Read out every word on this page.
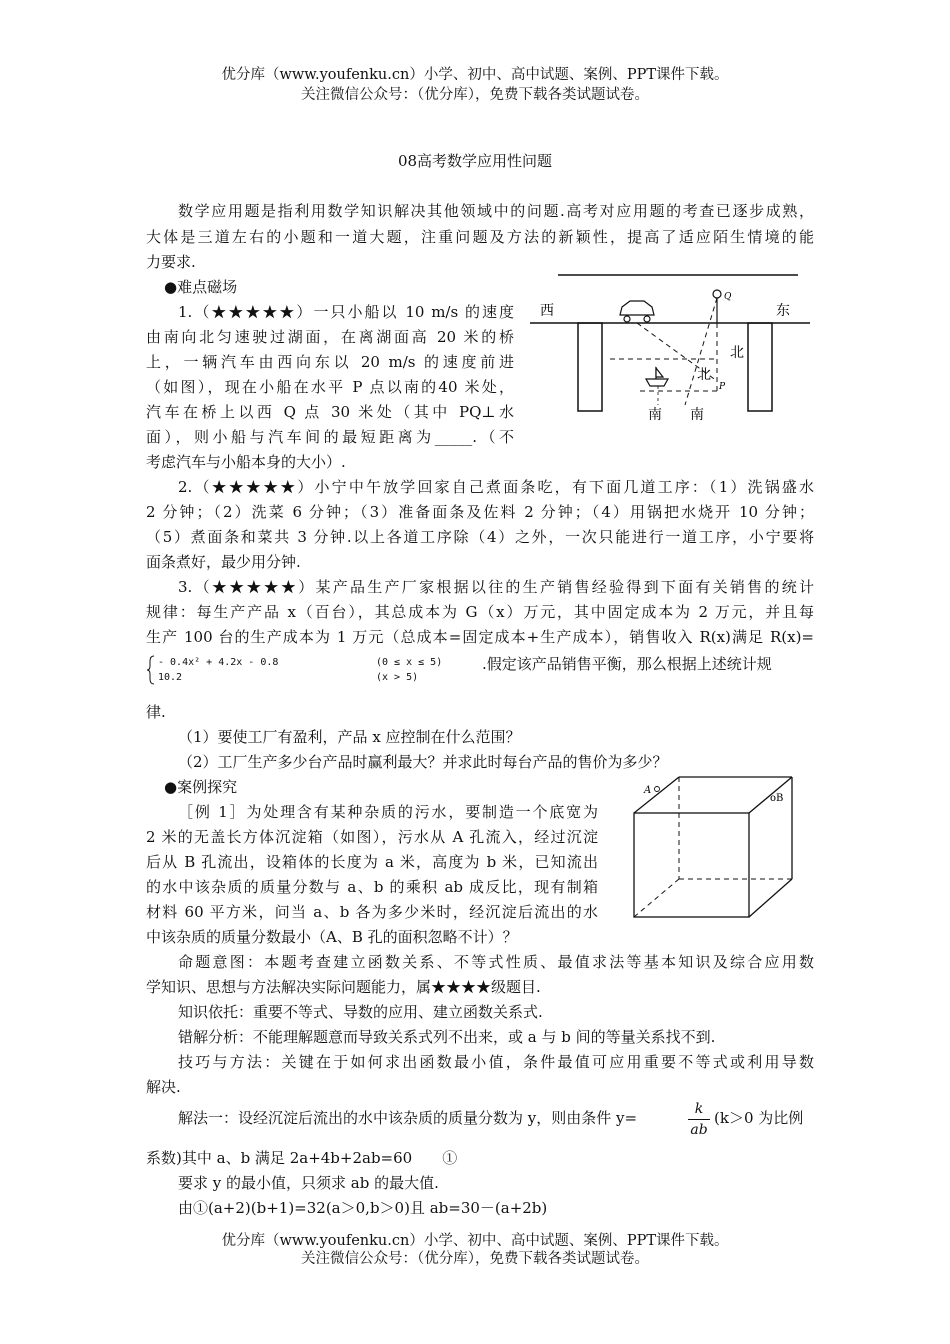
优分库（www.youfenku.cn）小学、初中、高中试题、案例、PPT课件下载。
关注微信公众号：（优分库），免费下载各类试题试卷。
08高考数学应用性问题
数学应用题是指利用数学知识解决其他领域中的问题.高考对应用题的考查已逐步成熟，
大体是三道左右的小题和一道大题，注重问题及方法的新颖性，提高了适应陌生情境的能
力要求.
●难点磁场
1.（★★★★★）一只小船以 10 m/s 的速度
由南向北匀速驶过湖面，在离湖面高 20 米的桥
上，一辆汽车由西向东以 20 m/s 的速度前进
（如图），现在小船在水平 P 点以南的40 米处，
汽车在桥上以西 Q 点 30 米处（其中 PQ⊥水
面），则小船与汽车间的最短距离为_____.（不
考虑汽车与小船本身的大小）.
西	东
北
北
南 南
Q
P
2.（★★★★★）小宁中午放学回家自己煮面条吃，有下面几道工序：（1）洗锅盛水
2 分钟；（2）洗菜 6 分钟；（3）准备面条及佐料 2 分钟；（4）用锅把水烧开 10 分钟；
（5）煮面条和菜共 3 分钟.以上各道工序除（4）之外，一次只能进行一道工序，小宁要将
面条煮好，最少用分钟.
3.（★★★★★）某产品生产厂家根据以往的生产销售经验得到下面有关销售的统计
规律：每生产产品 x（百台），其总成本为 G（x）万元，其中固定成本为 2 万元，并且每
生产 100 台的生产成本为 1 万元（总成本=固定成本+生产成本），销售收入 R(x)满足 R(x)=
- 0.4x² + 4.2x - 0.8	(0 ≤ x ≤ 5)
10.2	(x > 5)
.假定该产品销售平衡，那么根据上述统计规
律.
（1）要使工厂有盈利，产品 x 应控制在什么范围？
（2）工厂生产多少台产品时赢利最大？并求此时每台产品的售价为多少？
●案例探究
［例 1］为处理含有某种杂质的污水，要制造一个底宽为
2 米的无盖长方体沉淀箱（如图），污水从 A 孔流入，经过沉淀
后从 B 孔流出，设箱体的长度为 a 米，高度为 b 米，已知流出
的水中该杂质的质量分数与 a、b 的乘积 ab 成反比，现有制箱
材料 60 平方米，问当 a、b 各为多少米时，经沉淀后流出的水
中该杂质的质量分数最小（A、B 孔的面积忽略不计）？
A
oB
命题意图：本题考查建立函数关系、不等式性质、最值求法等基本知识及综合应用数
学知识、思想与方法解决实际问题能力，属★★★★级题目.
知识依托：重要不等式、导数的应用、建立函数关系式.
错解分析：不能理解题意而导致关系式列不出来，或 a 与 b 间的等量关系找不到.
技巧与方法：关键在于如何求出函数最小值，条件最值可应用重要不等式或利用导数
解决.
解法一：设经沉淀后流出的水中该杂质的质量分数为 y，则由条件 y=	k
ab
(k＞0 为比例
系数)其中 a、b 满足 2a+4b+2ab=60　　①
要求 y 的最小值，只须求 ab 的最大值.
由①(a+2)(b+1)=32(a＞0,b＞0)且 ab=30－(a+2b)
优分库（www.youfenku.cn）小学、初中、高中试题、案例、PPT课件下载。
关注微信公众号：（优分库），免费下载各类试题试卷。
